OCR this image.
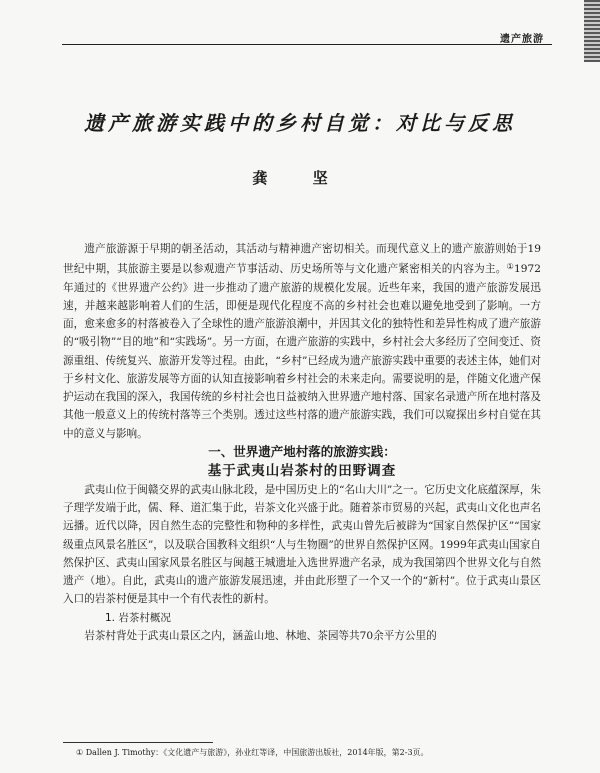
遗产旅游
遗产旅游实践中的乡村自觉：对比与反思
龚 坚

遗产旅游源于早期的朝圣活动，其活动与精神遗产密切相关。而现代意义上的遗产旅游则始于19世纪中期，其旅游主要是以参观遗产节事活动、历史场所等与文化遗产紧密相关的内容为主。①1972年通过的《世界遗产公约》进一步推动了遗产旅游的规模化发展。近些年来，我国的遗产旅游发展迅速，并越来越影响着人们的生活，即便是现代化程度不高的乡村社会也难以避免地受到了影响。一方面，愈来愈多的村落被卷入了全球性的遗产旅游浪潮中，并因其文化的独特性和差异性构成了遗产旅游的“吸引物”“目的地”和“实践场”。另一方面，在遗产旅游的实践中，乡村社会大多经历了空间变迁、资源重组、传统复兴、旅游开发等过程。由此，“乡村”已经成为遗产旅游实践中重要的表述主体，她们对于乡村文化、旅游发展等方面的认知直接影响着乡村社会的未来走向。需要说明的是，伴随文化遗产保护运动在我国的深入，我国传统的乡村社会也日益被纳入世界遗产地村落、国家名录遗产所在地村落及其他一般意义上的传统村落等三个类别。透过这些村落的遗产旅游实践，我们可以窥探出乡村自觉在其中的意义与影响。

一、世界遗产地村落的旅游实践：
基于武夷山岩茶村的田野调查

武夷山位于闽赣交界的武夷山脉北段，是中国历史上的“名山大川”之一。它历史文化底蕴深厚，朱子理学发端于此，儒、释、道汇集于此，岩茶文化兴盛于此。随着茶市贸易的兴起，武夷山文化也声名远播。近代以降，因自然生态的完整性和物种的多样性，武夷山曾先后被辟为“国家自然保护区”“国家级重点风景名胜区”，以及联合国教科文组织“人与生物圈”的世界自然保护区网。1999年武夷山国家自然保护区、武夷山国家风景名胜区与闽越王城遗址入选世界遗产名录，成为我国第四个世界文化与自然遗产（地）。自此，武夷山的遗产旅游发展迅速，并由此形塑了一个又一个的“新村”。位于武夷山景区入口的岩茶村便是其中一个有代表性的新村。

1. 岩茶村概况

岩茶村背处于武夷山景区之内，涵盖山地、林地、茶园等共70余平方公里的

① Dallen J. Timothy：《文化遗产与旅游》，孙业红等译，中国旅游出版社，2014年版，第2-3页。
